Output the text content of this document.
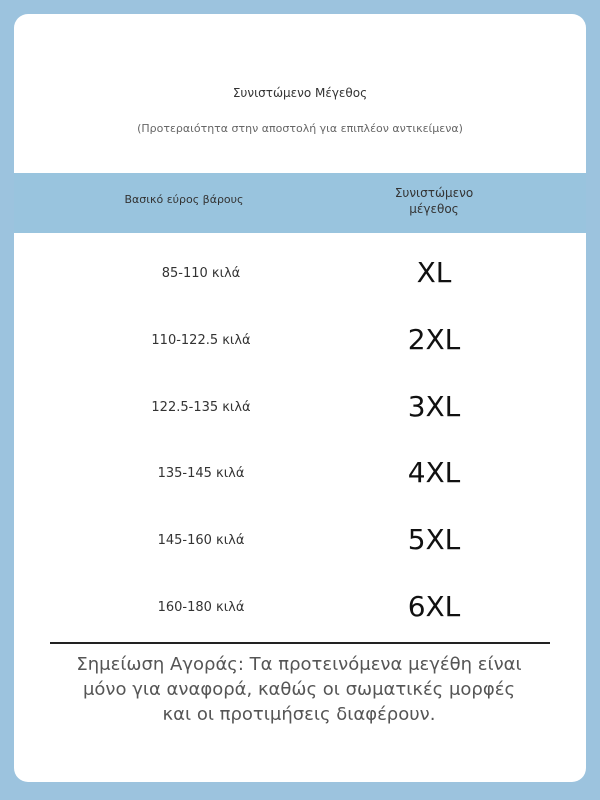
Συνιστώμενο Μέγεθος
(Προτεραιότητα στην αποστολή για επιπλέον αντικείμενα)
Βασικό εύρος βάρους	Συνιστώμενο
μέγεθος
85-110 κιλά	XL
110-122.5 κιλά	2XL
122.5-135 κιλά	3XL
135-145 κιλά	4XL
145-160 κιλά	5XL
160-180 κιλά	6XL
Σημείωση Αγοράς: Τα προτεινόμενα μεγέθη είναι
μόνο για αναφορά, καθώς οι σωματικές μορφές
και οι προτιμήσεις διαφέρουν.
